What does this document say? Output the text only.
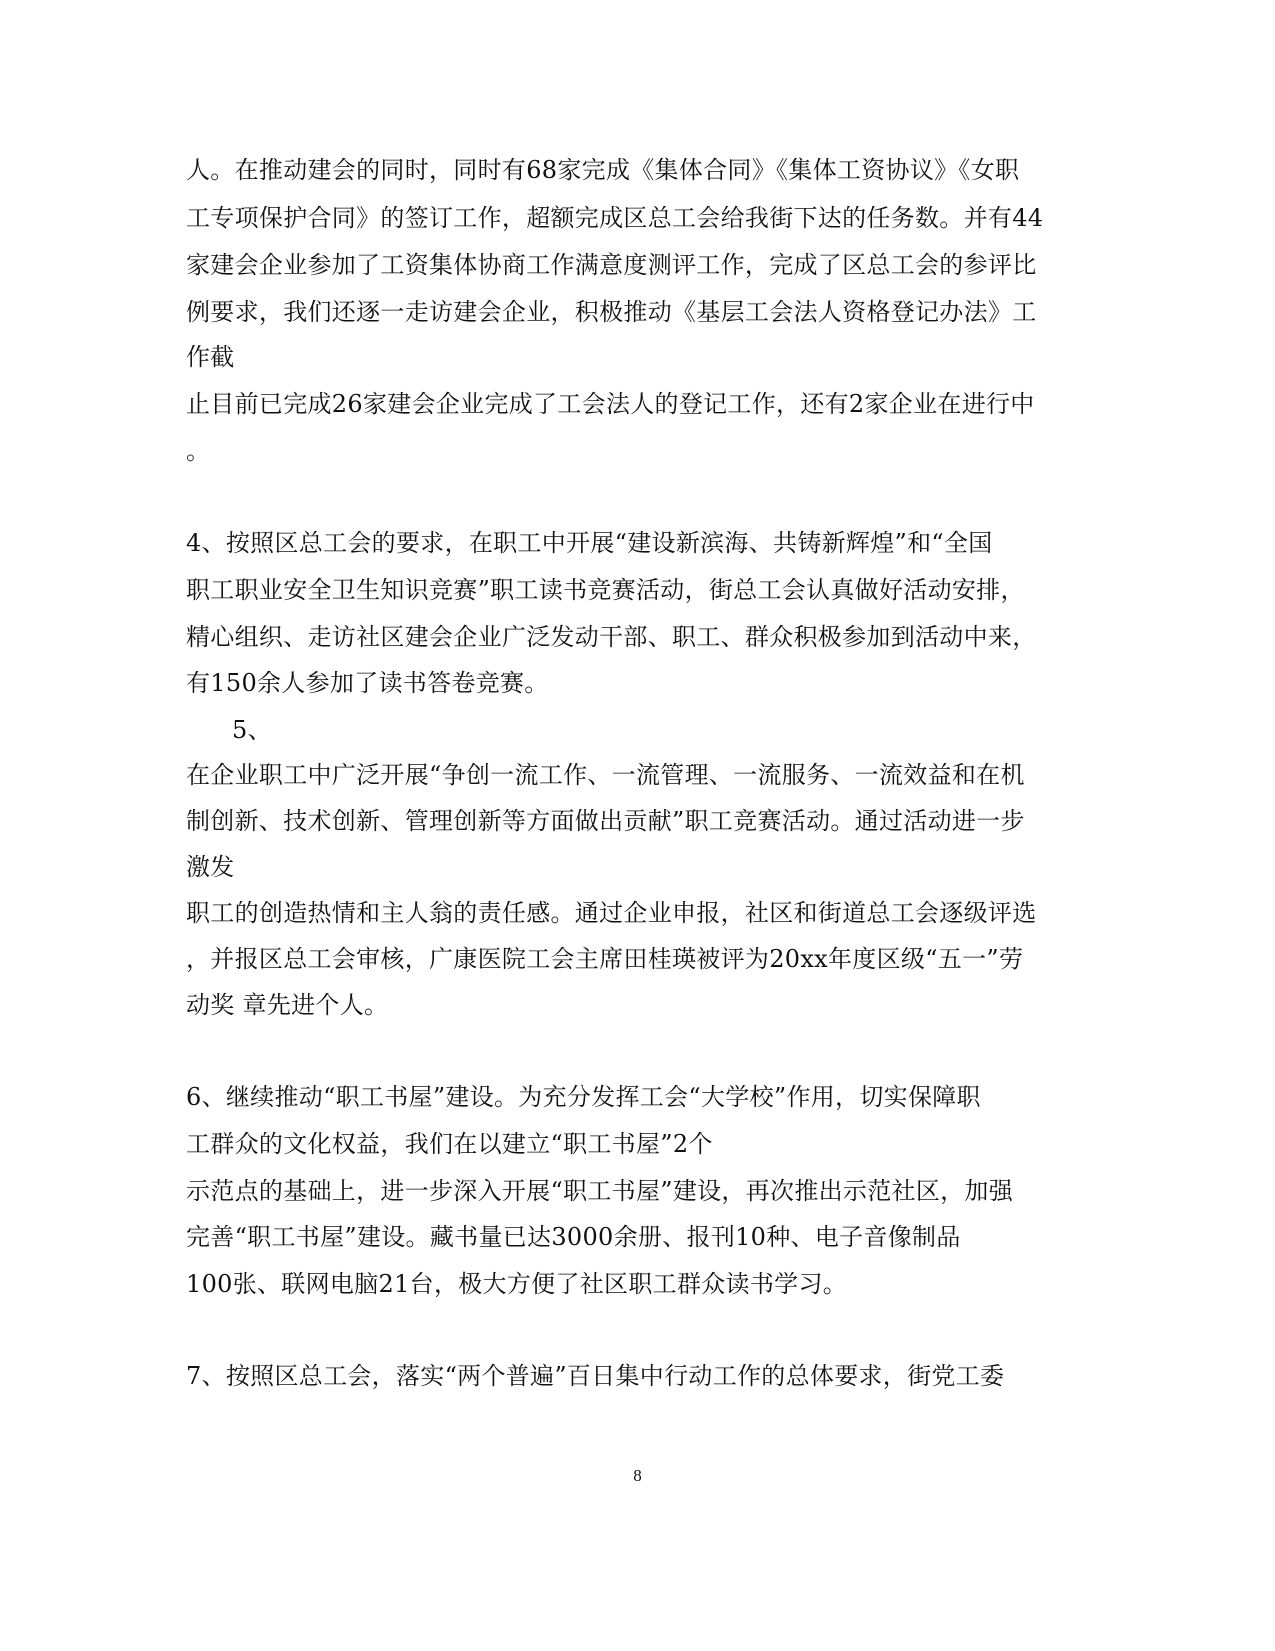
人。在推动建会的同时，同时有68家完成《集体合同》《集体工资协议》《女职
工专项保护合同》的签订工作，超额完成区总工会给我街下达的任务数。并有44
家建会企业参加了工资集体协商工作满意度测评工作，完成了区总工会的参评比
例要求，我们还逐一走访建会企业，积极推动《基层工会法人资格登记办法》工
作截
止目前已完成26家建会企业完成了工会法人的登记工作，还有2家企业在进行中
。
4、按照区总工会的要求，在职工中开展“建设新滨海、共铸新辉煌”和“全国
职工职业安全卫生知识竞赛”职工读书竞赛活动，街总工会认真做好活动安排，
精心组织、走访社区建会企业广泛发动干部、职工、群众积极参加到活动中来，
有150余人参加了读书答卷竞赛。
5、
在企业职工中广泛开展“争创一流工作、一流管理、一流服务、一流效益和在机
制创新、技术创新、管理创新等方面做出贡献”职工竞赛活动。通过活动进一步
激发
职工的创造热情和主人翁的责任感。通过企业申报，社区和街道总工会逐级评选
，并报区总工会审核，广康医院工会主席田桂瑛被评为20xx年度区级“五一”劳
动奖 章先进个人。
6、继续推动“职工书屋”建设。为充分发挥工会“大学校”作用，切实保障职
工群众的文化权益，我们在以建立“职工书屋”2个
示范点的基础上，进一步深入开展“职工书屋”建设，再次推出示范社区，加强
完善“职工书屋”建设。藏书量已达3000余册、报刊10种、电子音像制品
100张、联网电脑21台，极大方便了社区职工群众读书学习。
7、按照区总工会，落实“两个普遍”百日集中行动工作的总体要求，街党工委
8
